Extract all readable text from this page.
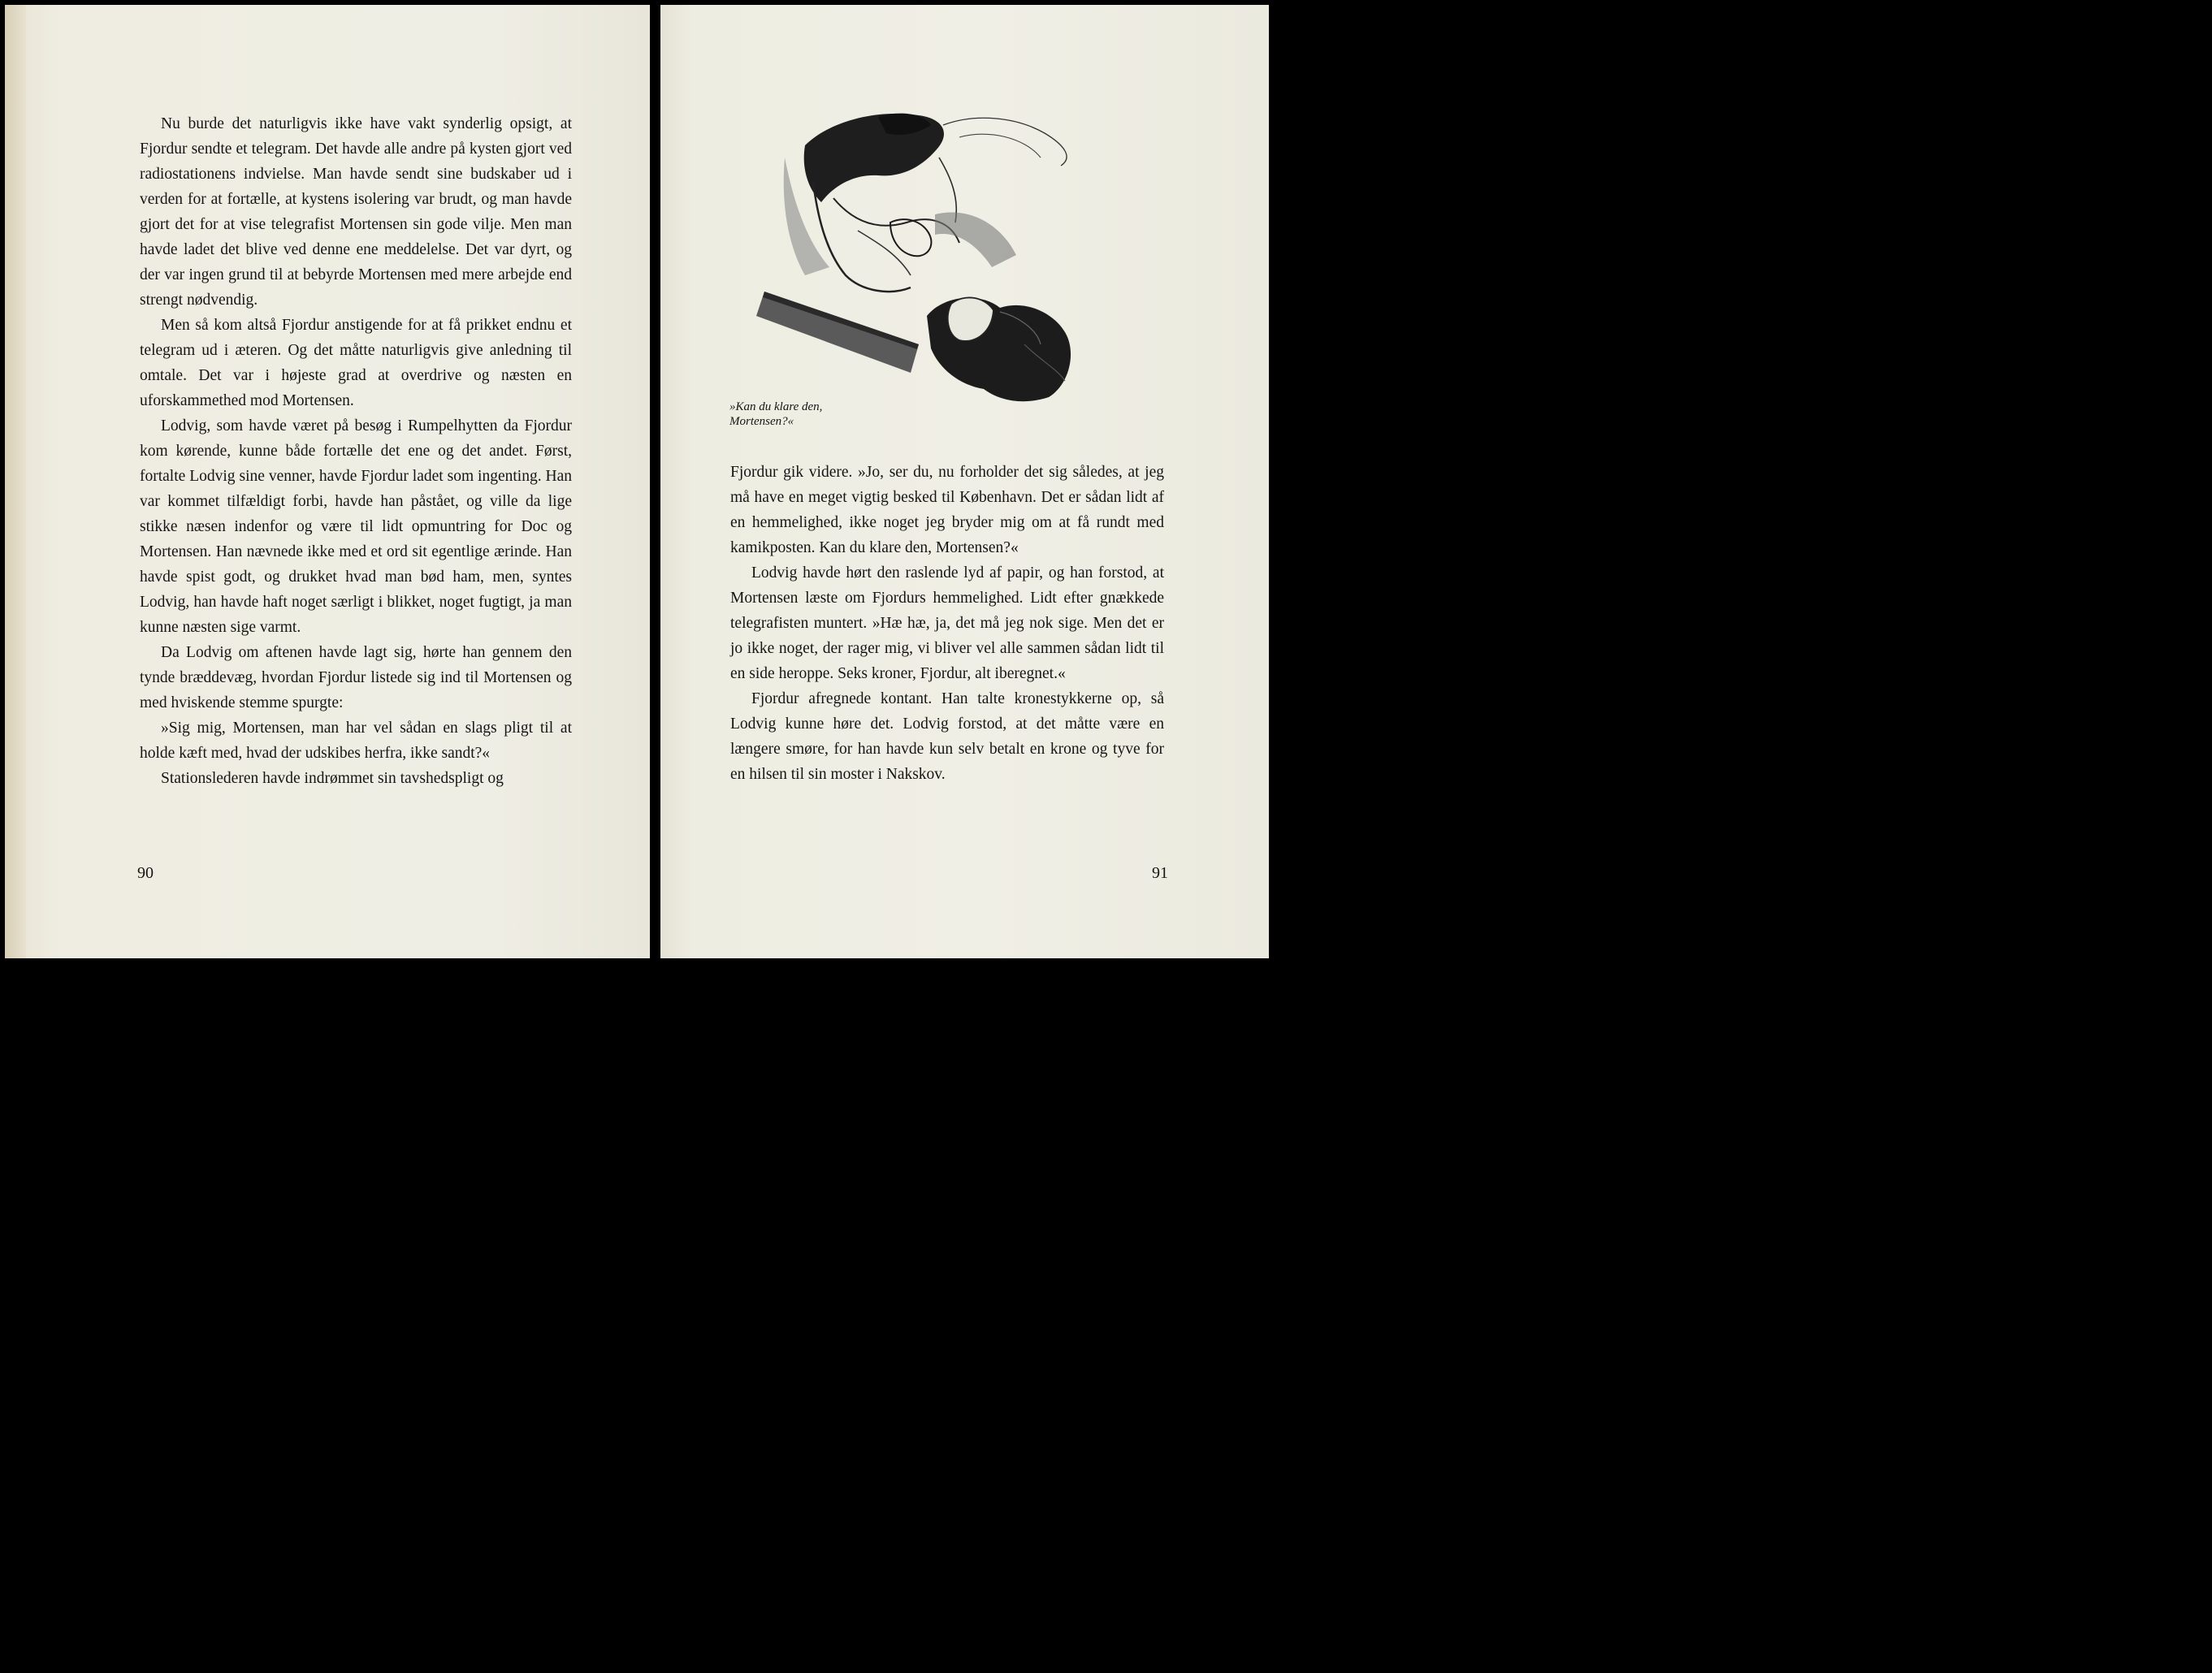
Nu burde det naturligvis ikke have vakt synderlig opsigt, at Fjordur sendte et telegram. Det havde alle andre på kysten gjort ved radiostationens indvielse. Man havde sendt sine budskaber ud i verden for at fortælle, at kystens isolering var brudt, og man havde gjort det for at vise telegrafist Mortensen sin gode vilje. Men man havde ladet det blive ved denne ene meddelelse. Det var dyrt, og der var ingen grund til at bebyrde Mortensen med mere arbejde end strengt nødvendig.

Men så kom altså Fjordur anstigende for at få prikket endnu et telegram ud i æteren. Og det måtte naturligvis give anledning til omtale. Det var i højeste grad at overdrive og næsten en uforskammethed mod Mortensen.

Lodvig, som havde været på besøg i Rumpelhytten da Fjordur kom kørende, kunne både fortælle det ene og det andet. Først, fortalte Lodvig sine venner, havde Fjordur ladet som ingenting. Han var kommet tilfældigt forbi, havde han påstået, og ville da lige stikke næsen indenfor og være til lidt opmuntring for Doc og Mortensen. Han nævnede ikke med et ord sit egentlige ærinde. Han havde spist godt, og drukket hvad man bød ham, men, syntes Lodvig, han havde haft noget særligt i blikket, noget fugtigt, ja man kunne næsten sige varmt.

Da Lodvig om aftenen havde lagt sig, hørte han gennem den tynde bræddevæg, hvordan Fjordur listede sig ind til Mortensen og med hviskende stemme spurgte:

»Sig mig, Mortensen, man har vel sådan en slags pligt til at holde kæft med, hvad der udskibes herfra, ikke sandt?«

Stationslederen havde indrømmet sin tavshedspligt og

90
»Kan du klare den,
Mortensen?«

Fjordur gik videre. »Jo, ser du, nu forholder det sig således, at jeg må have en meget vigtig besked til København. Det er sådan lidt af en hemmelighed, ikke noget jeg bryder mig om at få rundt med kamikposten. Kan du klare den, Mortensen?«

Lodvig havde hørt den raslende lyd af papir, og han forstod, at Mortensen læste om Fjordurs hemmelighed. Lidt efter gnækkede telegrafisten muntert. »Hæ hæ, ja, det må jeg nok sige. Men det er jo ikke noget, der rager mig, vi bliver vel alle sammen sådan lidt til en side heroppe. Seks kroner, Fjordur, alt iberegnet.«

Fjordur afregnede kontant. Han talte kronestykkerne op, så Lodvig kunne høre det. Lodvig forstod, at det måtte være en længere smøre, for han havde kun selv betalt en krone og tyve for en hilsen til sin moster i Nakskov.

91
